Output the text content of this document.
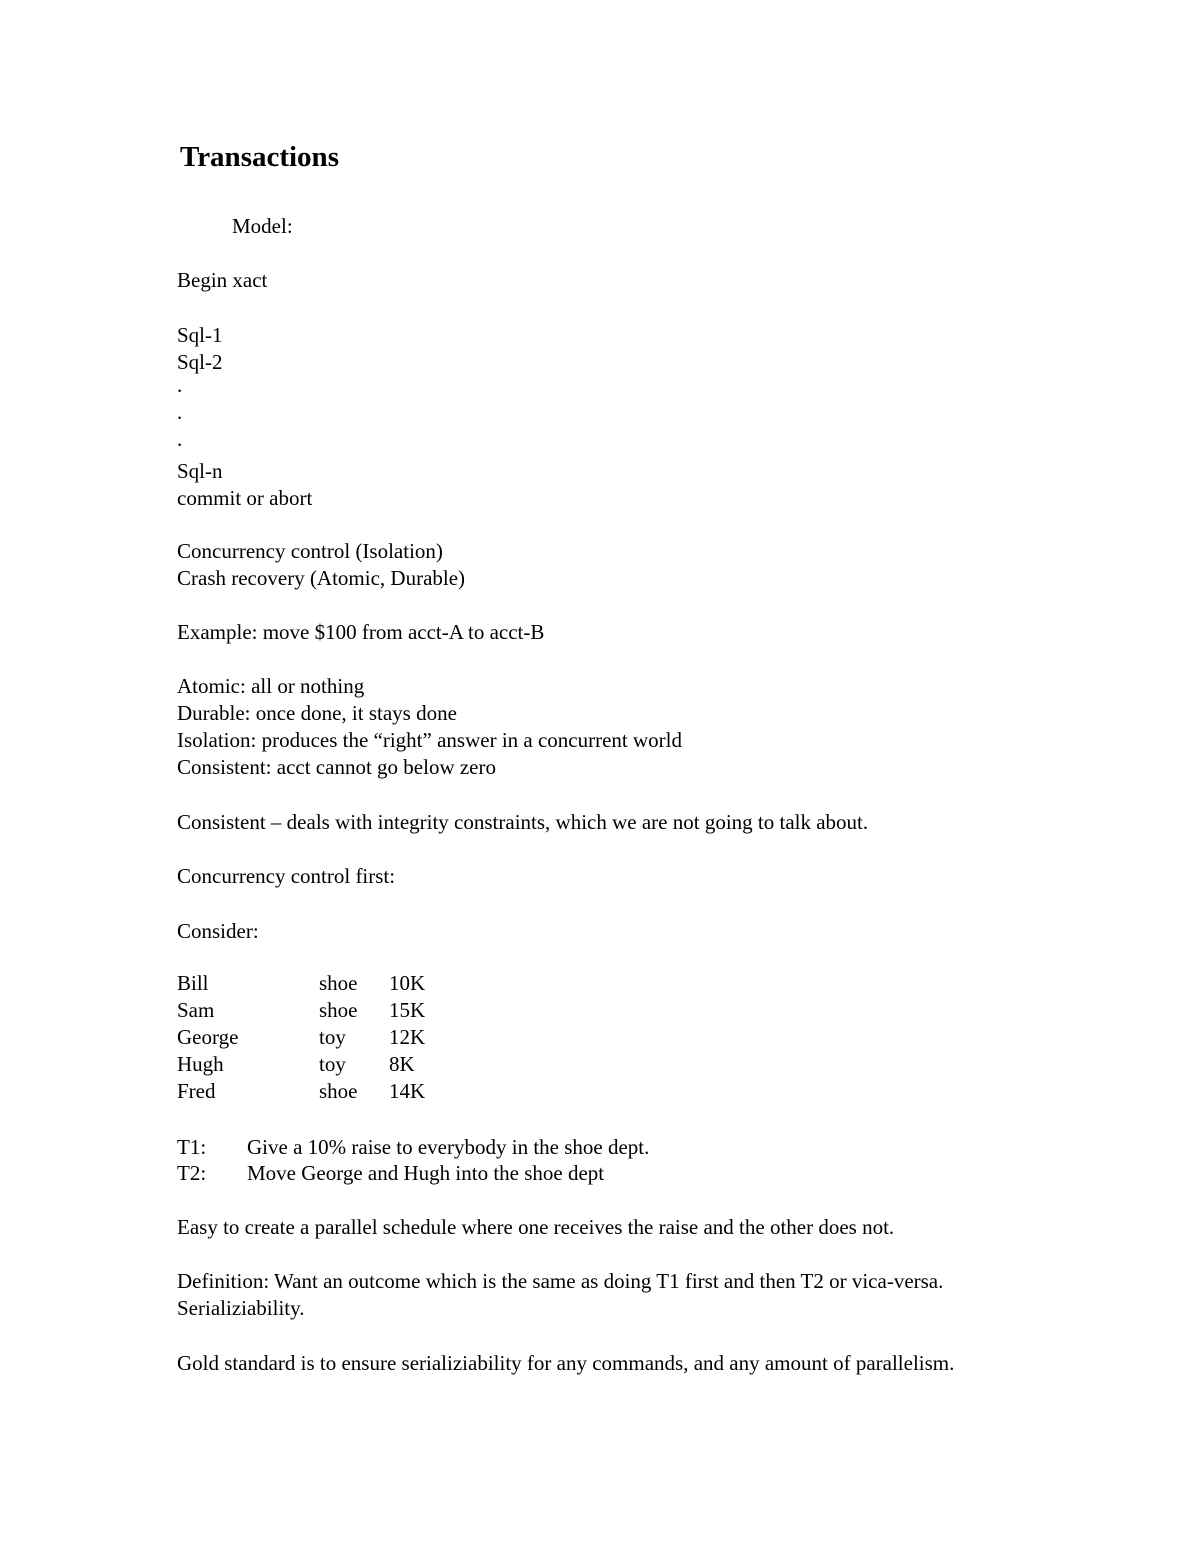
Transactions
Model:
Begin xact
Sql-1
Sql-2
.
.
.
Sql-n
commit or abort
Concurrency control (Isolation)
Crash recovery (Atomic, Durable)
Example: move $100 from acct-A to acct-B
Atomic: all or nothing
Durable: once done, it stays done
Isolation: produces the “right” answer in a concurrent world
Consistent: acct cannot go below zero
Consistent – deals with integrity constraints, which we are not going to talk about.
Concurrency control first:
Consider:
Bill	shoe	10K
Sam	shoe	15K
George	toy	12K
Hugh	toy	8K
Fred	shoe	14K
T1: Give a 10% raise to everybody in the shoe dept.
T2: Move George and Hugh into the shoe dept
Easy to create a parallel schedule where one receives the raise and the other does not.
Definition: Want an outcome which is the same as doing T1 first and then T2 or vica-versa. Serializiability.
Gold standard is to ensure serializiability for any commands, and any amount of parallelism.
